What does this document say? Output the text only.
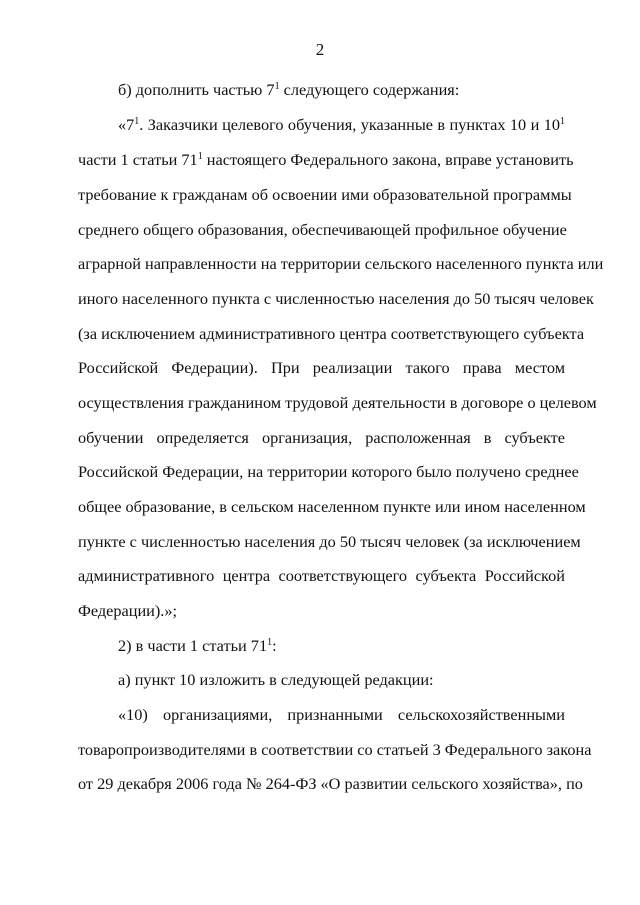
2
б) дополнить частью $7^1$ следующего содержания:
«$7^1$. Заказчики целевого обучения, указанные в пунктах 10 и $10^1$
части 1 статьи $71^1$ настоящего Федерального закона, вправе установить
требование к гражданам об освоении ими образовательной программы
среднего общего образования, обеспечивающей профильное обучение
аграрной направленности на территории сельского населенного пункта или
иного населенного пункта с численностью населения до 50 тысяч человек
(за исключением административного центра соответствующего субъекта
Российской Федерации). При реализации такого права местом
осуществления гражданином трудовой деятельности в договоре о целевом
обучении определяется организация, расположенная в субъекте
Российской Федерации, на территории которого было получено среднее
общее образование, в сельском населенном пункте или ином населенном
пункте с численностью населения до 50 тысяч человек (за исключением
административного центра соответствующего субъекта Российской
Федерации).»;
2) в части 1 статьи $71^1$:
а) пункт 10 изложить в следующей редакции:
«10) организациями, признанными сельскохозяйственными
товаропроизводителями в соответствии со статьей 3 Федерального закона
от 29 декабря 2006 года № 264-ФЗ «О развитии сельского хозяйства», по
